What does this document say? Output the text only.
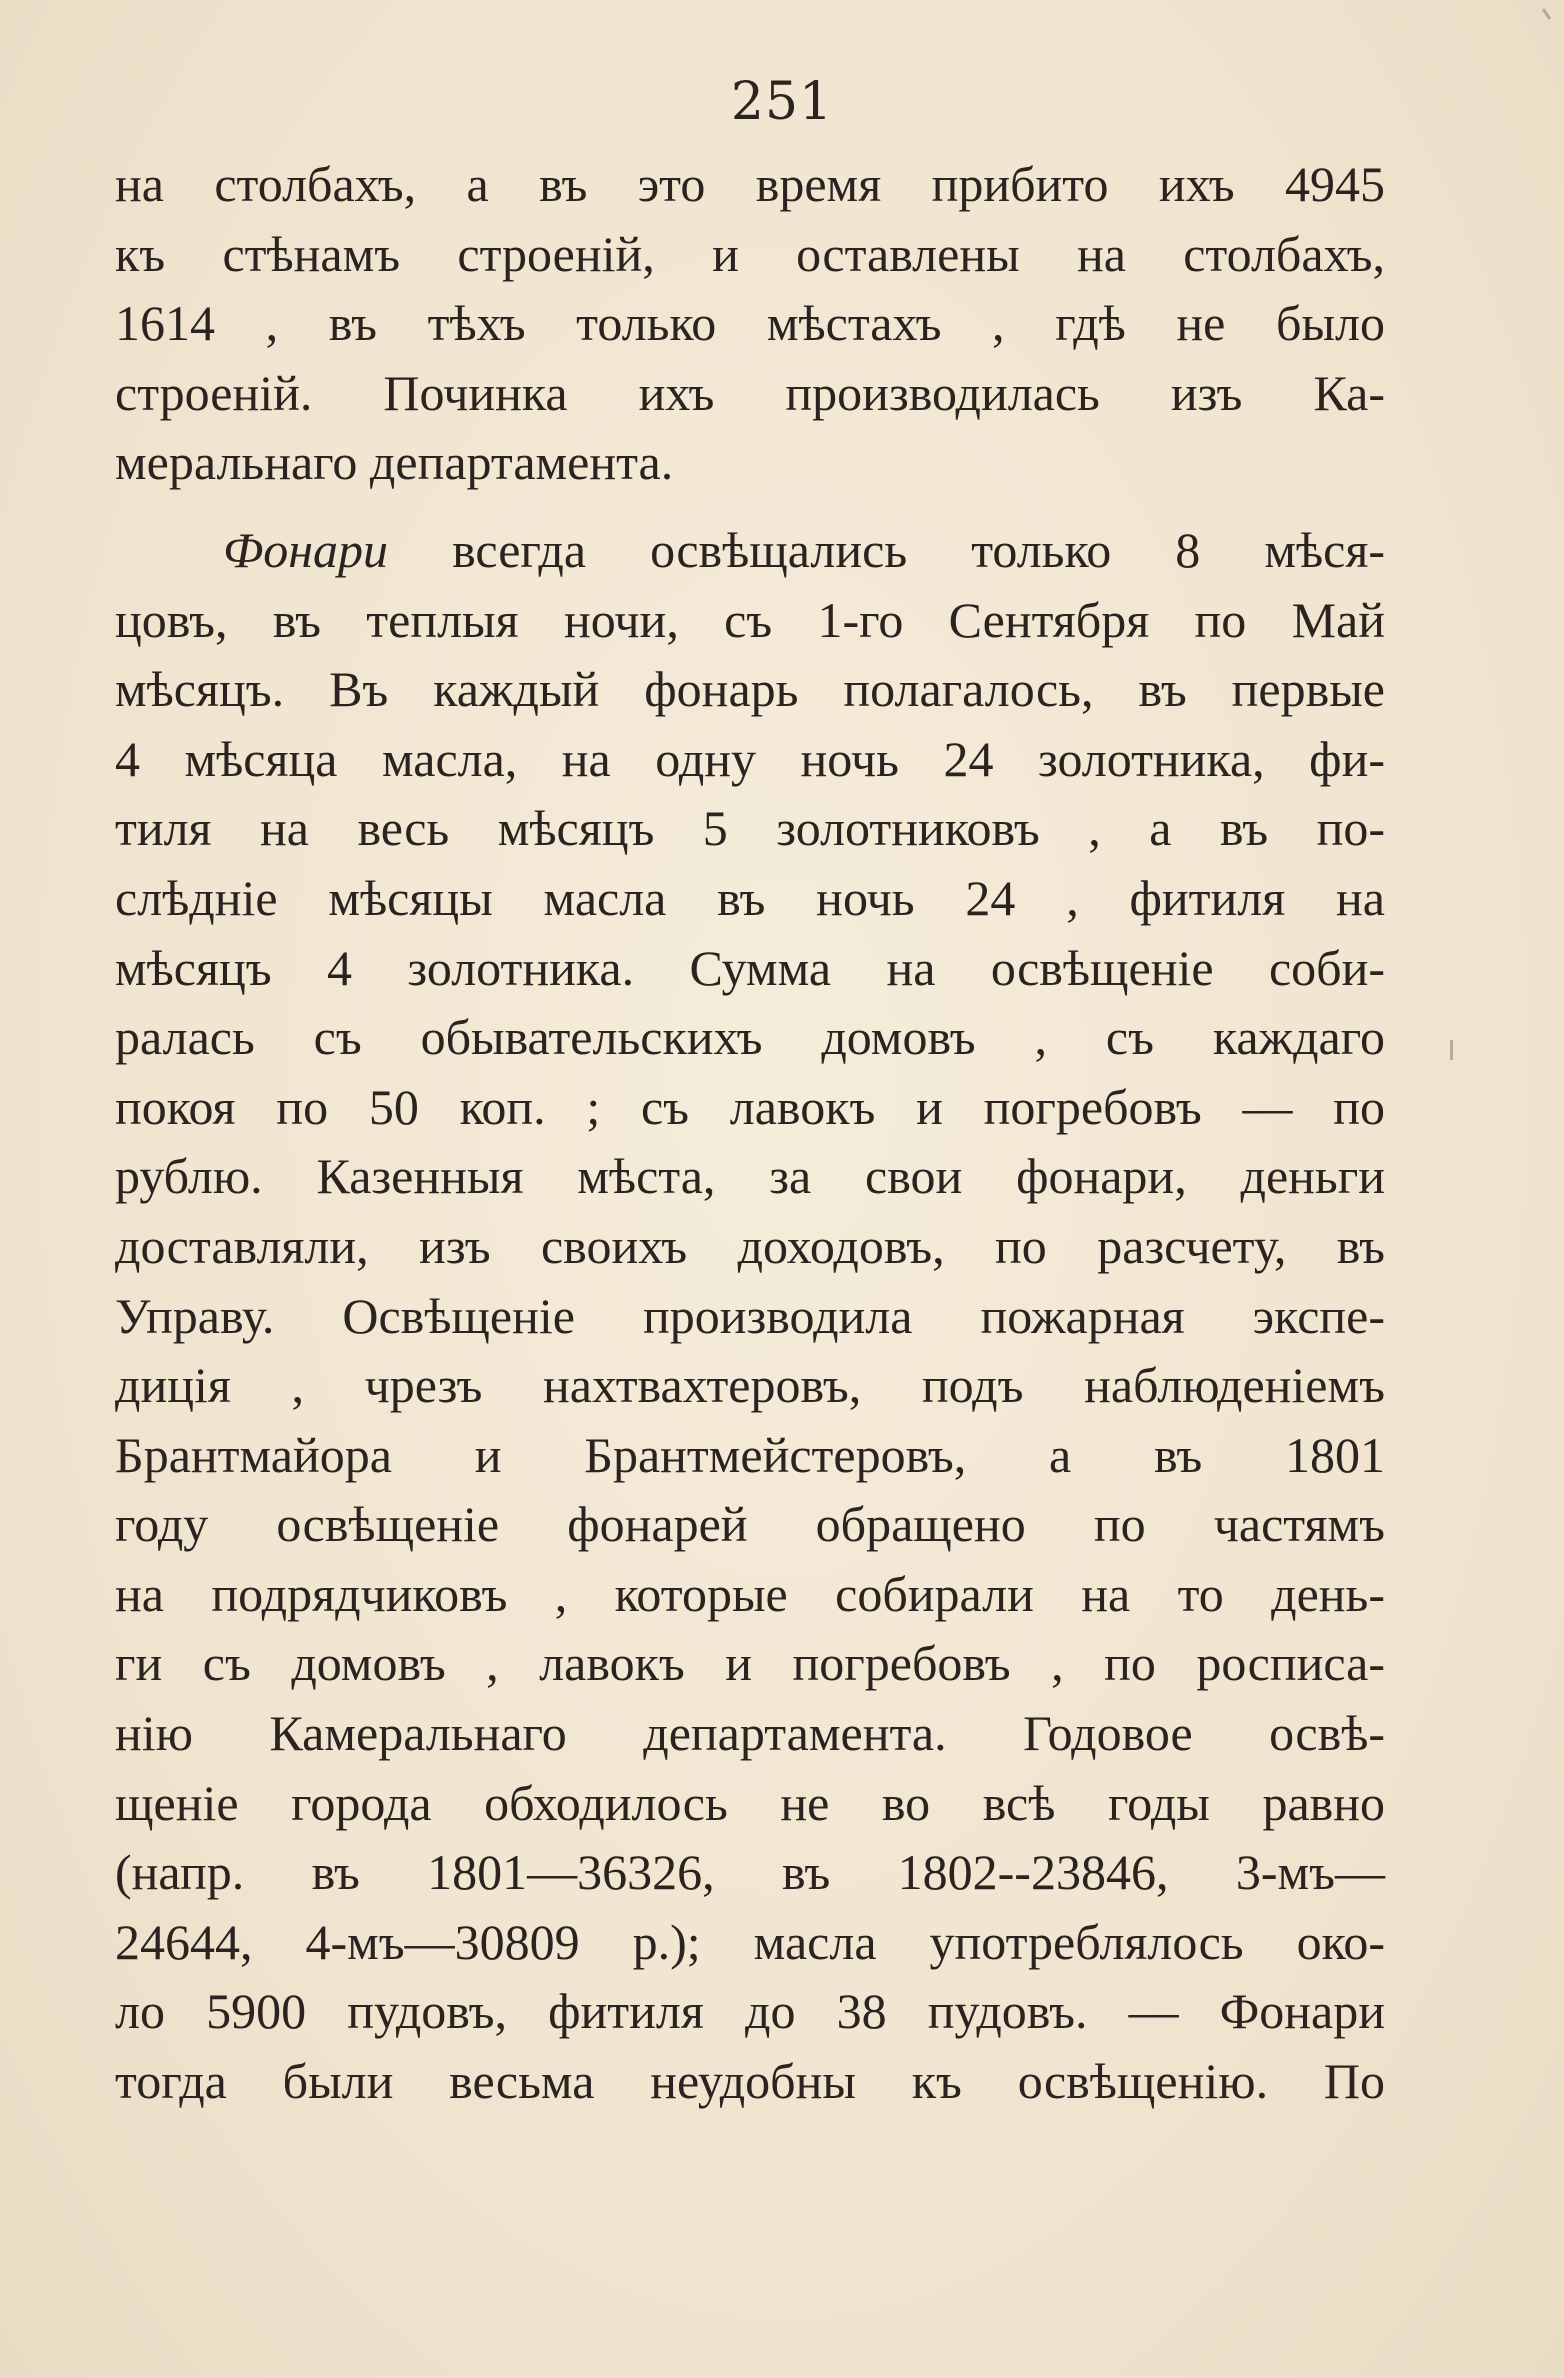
251
на столбахъ, а въ это время прибито ихъ 4945
къ стѣнамъ строеній, и оставлены на столбахъ,
1614 , въ тѣхъ только мѣстахъ , гдѣ не было
строеній. Починка ихъ производилась изъ Ка-
меральнаго департамента.
Фонари всегда освѣщались только 8 мѣся-
цовъ, въ теплыя ночи, съ 1-го Сентября по Май
мѣсяцъ. Въ каждый фонарь полагалось, въ первые
4 мѣсяца масла, на одну ночь 24 золотника, фи-
тиля на весь мѣсяцъ 5 золотниковъ , а въ по-
слѣдніе мѣсяцы масла въ ночь 24 , фитиля на
мѣсяцъ 4 золотника. Сумма на освѣщеніе соби-
ралась съ обывательскихъ домовъ , съ каждаго
покоя по 50 коп. ; съ лавокъ и погребовъ — по
рублю. Казенныя мѣста, за свои фонари, деньги
доставляли, изъ своихъ доходовъ, по разсчету, въ
Управу. Освѣщеніе производила пожарная экспе-
диція , чрезъ нахтвахтеровъ, подъ наблюденіемъ
Брантмайора и Брантмейстеровъ, а въ 1801
году освѣщеніе фонарей обращено по частямъ
на подрядчиковъ , которые собирали на то день-
ги съ домовъ , лавокъ и погребовъ , по росписа-
нію Камеральнаго департамента. Годовое освѣ-
щеніе города обходилось не во всѣ годы равно
(напр. въ 1801—36326, въ 1802--23846, 3-мъ—
24644, 4-мъ—30809 р.); масла употреблялось око-
ло 5900 пудовъ, фитиля до 38 пудовъ. — Фонари
тогда были весьма неудобны къ освѣщенію. По
